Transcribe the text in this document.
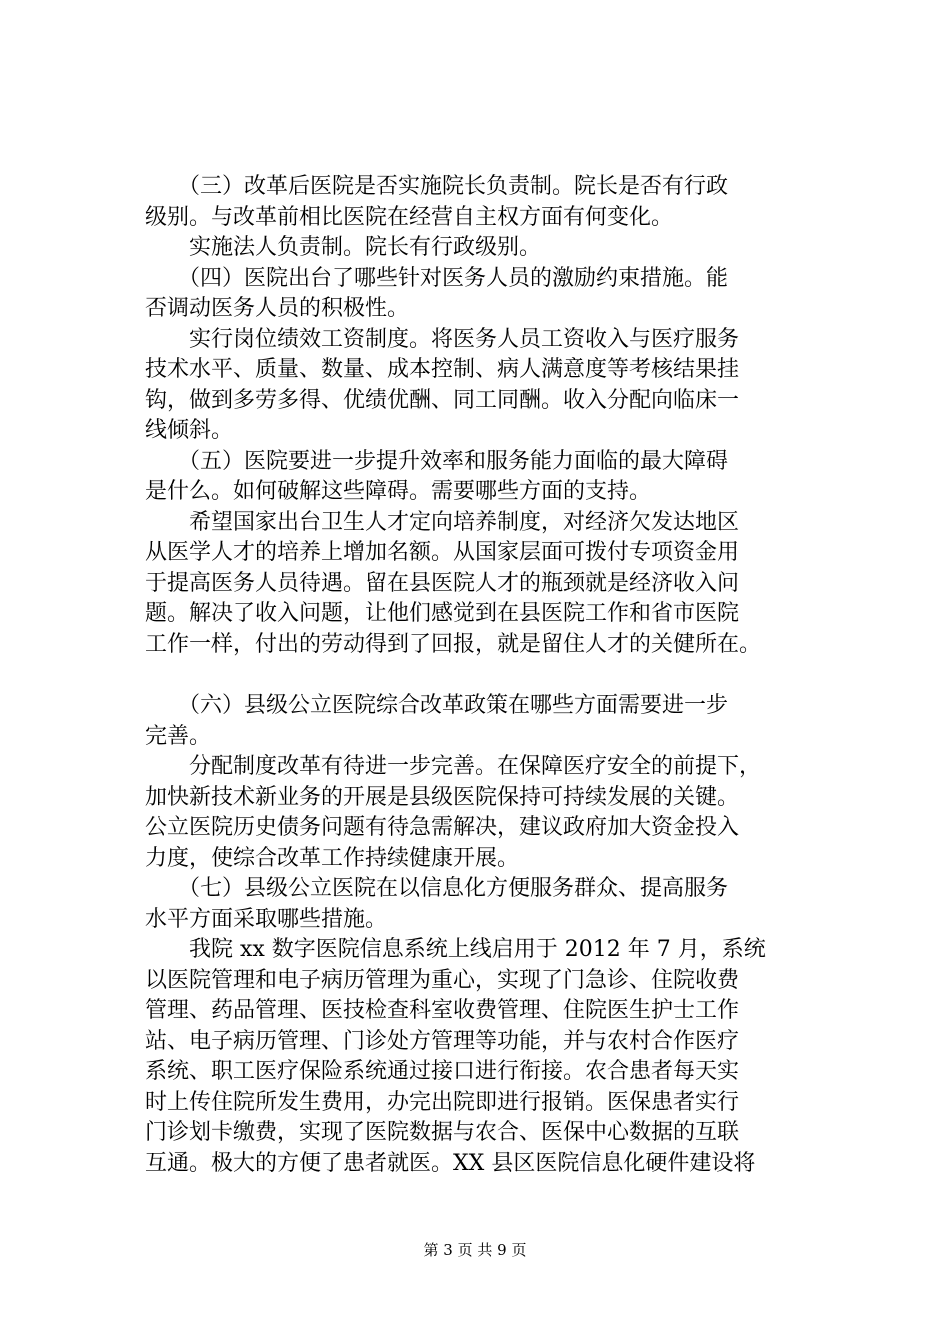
　　（三）改革后医院是否实施院长负责制。院长是否有行政
级别。与改革前相比医院在经营自主权方面有何变化。
　　实施法人负责制。院长有行政级别。
　　（四）医院出台了哪些针对医务人员的激励约束措施。能
否调动医务人员的积极性。
　　实行岗位绩效工资制度。将医务人员工资收入与医疗服务
技术水平、质量、数量、成本控制、病人满意度等考核结果挂
钩，做到多劳多得、优绩优酬、同工同酬。收入分配向临床一
线倾斜。
　　（五）医院要进一步提升效率和服务能力面临的最大障碍
是什么。如何破解这些障碍。需要哪些方面的支持。
　　希望国家出台卫生人才定向培养制度，对经济欠发达地区
从医学人才的培养上增加名额。从国家层面可拨付专项资金用
于提高医务人员待遇。留在县医院人才的瓶颈就是经济收入问
题。解决了收入问题，让他们感觉到在县医院工作和省市医院
工作一样，付出的劳动得到了回报，就是留住人才的关健所在。
　　（六）县级公立医院综合改革政策在哪些方面需要进一步
完善。
　　分配制度改革有待进一步完善。在保障医疗安全的前提下，
加快新技术新业务的开展是县级医院保持可持续发展的关键。
公立医院历史债务问题有待急需解决，建议政府加大资金投入
力度，使综合改革工作持续健康开展。
　　（七）县级公立医院在以信息化方便服务群众、提高服务
水平方面采取哪些措施。
　　我院 xx 数字医院信息系统上线启用于 2012 年 7 月，系统
以医院管理和电子病历管理为重心，实现了门急诊、住院收费
管理、药品管理、医技检查科室收费管理、住院医生护士工作
站、电子病历管理、门诊处方管理等功能，并与农村合作医疗
系统、职工医疗保险系统通过接口进行衔接。农合患者每天实
时上传住院所发生费用，办完出院即进行报销。医保患者实行
门诊划卡缴费，实现了医院数据与农合、医保中心数据的互联
互通。极大的方便了患者就医。XX 县区医院信息化硬件建设将
第 3 页 共 9 页
